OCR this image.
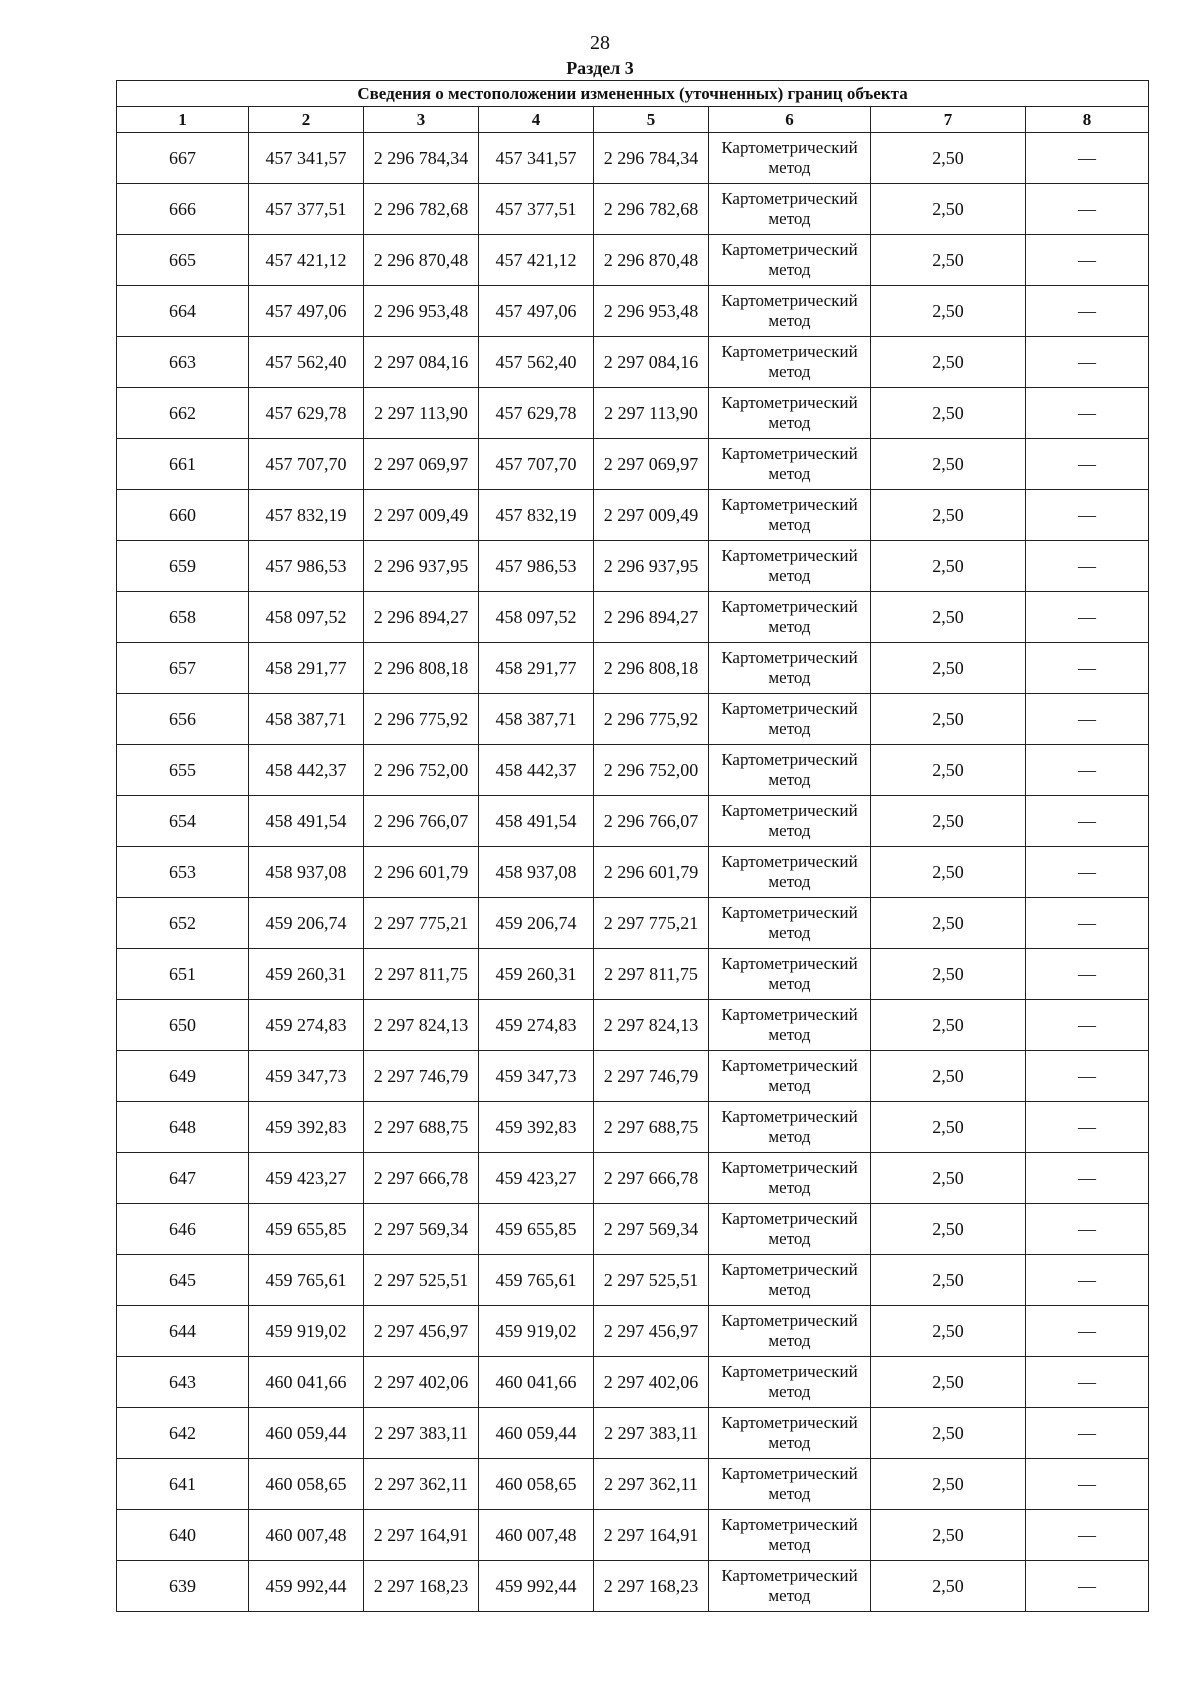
28
Раздел 3
Сведения о местоположении измененных (уточненных) границ объекта							
1	2	3	4	5	6	7	8
667	457 341,57	2 296 784,34	457 341,57	2 296 784,34	Картометрический метод	2,50	—
666	457 377,51	2 296 782,68	457 377,51	2 296 782,68	Картометрический метод	2,50	—
665	457 421,12	2 296 870,48	457 421,12	2 296 870,48	Картометрический метод	2,50	—
664	457 497,06	2 296 953,48	457 497,06	2 296 953,48	Картометрический метод	2,50	—
663	457 562,40	2 297 084,16	457 562,40	2 297 084,16	Картометрический метод	2,50	—
662	457 629,78	2 297 113,90	457 629,78	2 297 113,90	Картометрический метод	2,50	—
661	457 707,70	2 297 069,97	457 707,70	2 297 069,97	Картометрический метод	2,50	—
660	457 832,19	2 297 009,49	457 832,19	2 297 009,49	Картометрический метод	2,50	—
659	457 986,53	2 296 937,95	457 986,53	2 296 937,95	Картометрический метод	2,50	—
658	458 097,52	2 296 894,27	458 097,52	2 296 894,27	Картометрический метод	2,50	—
657	458 291,77	2 296 808,18	458 291,77	2 296 808,18	Картометрический метод	2,50	—
656	458 387,71	2 296 775,92	458 387,71	2 296 775,92	Картометрический метод	2,50	—
655	458 442,37	2 296 752,00	458 442,37	2 296 752,00	Картометрический метод	2,50	—
654	458 491,54	2 296 766,07	458 491,54	2 296 766,07	Картометрический метод	2,50	—
653	458 937,08	2 296 601,79	458 937,08	2 296 601,79	Картометрический метод	2,50	—
652	459 206,74	2 297 775,21	459 206,74	2 297 775,21	Картометрический метод	2,50	—
651	459 260,31	2 297 811,75	459 260,31	2 297 811,75	Картометрический метод	2,50	—
650	459 274,83	2 297 824,13	459 274,83	2 297 824,13	Картометрический метод	2,50	—
649	459 347,73	2 297 746,79	459 347,73	2 297 746,79	Картометрический метод	2,50	—
648	459 392,83	2 297 688,75	459 392,83	2 297 688,75	Картометрический метод	2,50	—
647	459 423,27	2 297 666,78	459 423,27	2 297 666,78	Картометрический метод	2,50	—
646	459 655,85	2 297 569,34	459 655,85	2 297 569,34	Картометрический метод	2,50	—
645	459 765,61	2 297 525,51	459 765,61	2 297 525,51	Картометрический метод	2,50	—
644	459 919,02	2 297 456,97	459 919,02	2 297 456,97	Картометрический метод	2,50	—
643	460 041,66	2 297 402,06	460 041,66	2 297 402,06	Картометрический метод	2,50	—
642	460 059,44	2 297 383,11	460 059,44	2 297 383,11	Картометрический метод	2,50	—
641	460 058,65	2 297 362,11	460 058,65	2 297 362,11	Картометрический метод	2,50	—
640	460 007,48	2 297 164,91	460 007,48	2 297 164,91	Картометрический метод	2,50	—
639	459 992,44	2 297 168,23	459 992,44	2 297 168,23	Картометрический метод	2,50	—
